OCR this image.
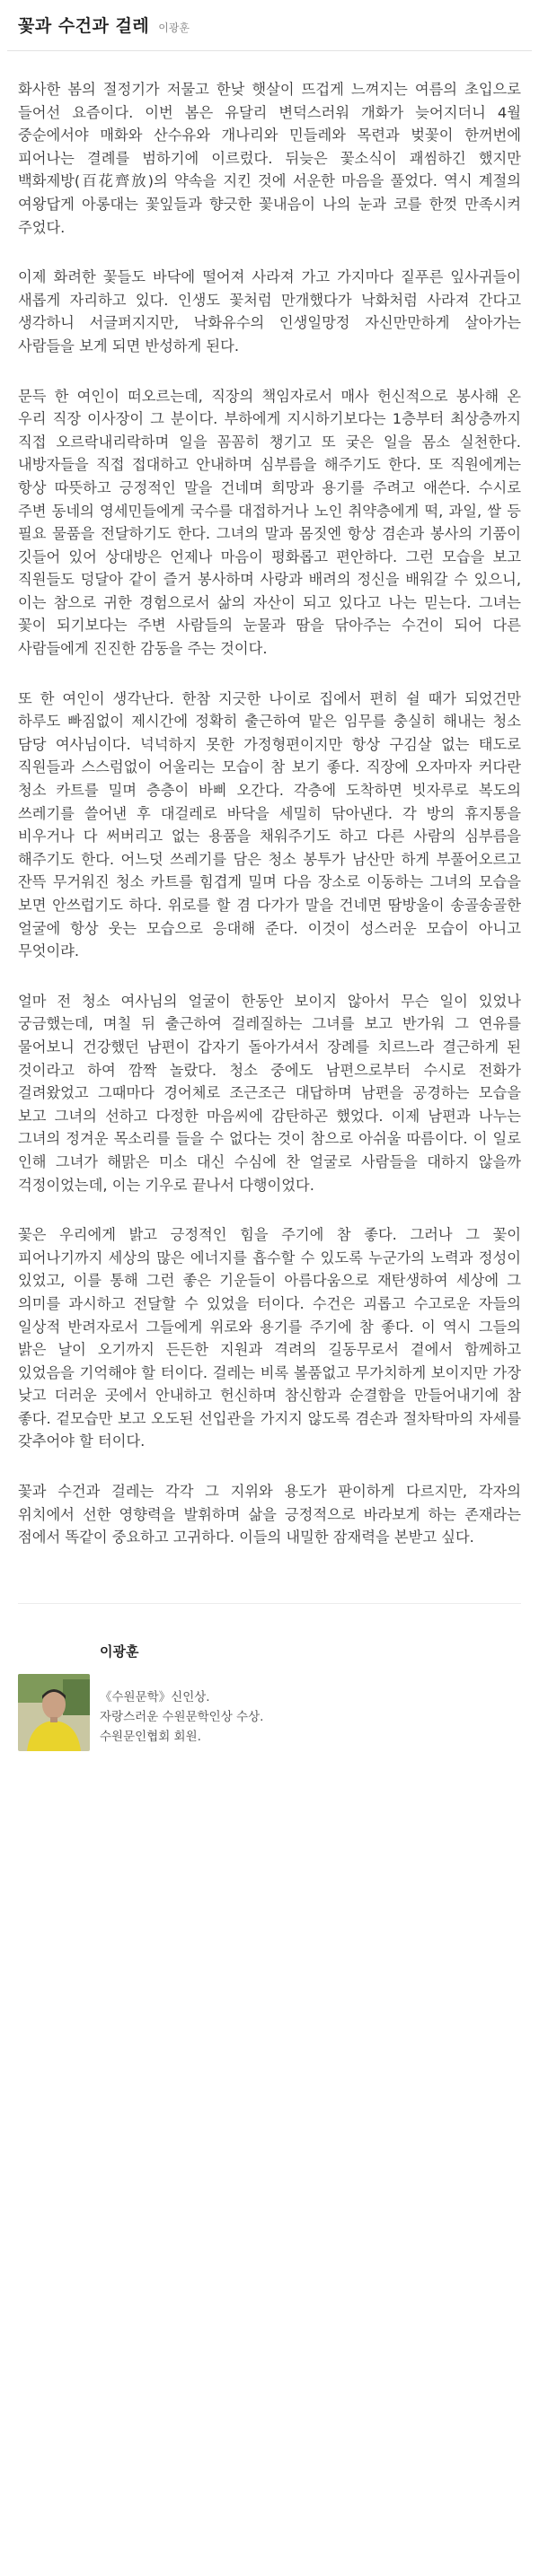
꽃과 수건과 걸레 이광훈

화사한 봄의 절정기가 저물고 한낮 햇살이 뜨겁게 느껴지는 여름의 초입으로 들어선 요즘이다. 이번 봄은 유달리 변덕스러워 개화가 늦어지더니 4월 중순에서야 매화와 산수유와 개나리와 민들레와 목련과 벚꽃이 한꺼번에 피어나는 결례를 범하기에 이르렀다. 뒤늦은 꽃소식이 괘씸하긴 했지만 백화제방(百花齊放)의 약속을 지킨 것에 서운한 마음을 풀었다. 역시 계절의 여왕답게 아롱대는 꽃잎들과 향긋한 꽃내음이 나의 눈과 코를 한껏 만족시켜 주었다.

이제 화려한 꽃들도 바닥에 떨어져 사라져 가고 가지마다 짙푸른 잎사귀들이 새롭게 자리하고 있다. 인생도 꽃처럼 만개했다가 낙화처럼 사라져 간다고 생각하니 서글퍼지지만, 낙화유수의 인생일망정 자신만만하게 살아가는 사람들을 보게 되면 반성하게 된다.

문득 한 여인이 떠오르는데, 직장의 책임자로서 매사 헌신적으로 봉사해 온 우리 직장 이사장이 그 분이다. 부하에게 지시하기보다는 1층부터 최상층까지 직접 오르락내리락하며 일을 꼼꼼히 챙기고 또 궂은 일을 몸소 실천한다. 내방자들을 직접 접대하고 안내하며 심부름을 해주기도 한다. 또 직원에게는 항상 따뜻하고 긍정적인 말을 건네며 희망과 용기를 주려고 애쓴다. 수시로 주변 동네의 영세민들에게 국수를 대접하거나 노인 취약층에게 떡, 과일, 쌀 등 필요 물품을 전달하기도 한다. 그녀의 말과 몸짓엔 항상 겸손과 봉사의 기품이 깃들어 있어 상대방은 언제나 마음이 평화롭고 편안하다. 그런 모습을 보고 직원들도 덩달아 같이 즐거 봉사하며 사랑과 배려의 정신을 배워갈 수 있으니, 이는 참으로 귀한 경험으로서 삶의 자산이 되고 있다고 나는 믿는다. 그녀는 꽃이 되기보다는 주변 사람들의 눈물과 땀을 닦아주는 수건이 되어 다른 사람들에게 진진한 감동을 주는 것이다.

또 한 여인이 생각난다. 한참 지긋한 나이로 집에서 편히 쉴 때가 되었건만 하루도 빠짐없이 제시간에 정확히 출근하여 맡은 임무를 충실히 해내는 청소 담당 여사님이다. 넉넉하지 못한 가정형편이지만 항상 구김살 없는 태도로 직원들과 스스럼없이 어울리는 모습이 참 보기 좋다. 직장에 오자마자 커다란 청소 카트를 밀며 층층이 바삐 오간다. 각층에 도착하면 빗자루로 복도의 쓰레기를 쓸어낸 후 대걸레로 바닥을 세밀히 닦아낸다. 각 방의 휴지통을 비우거나 다 써버리고 없는 용품을 채워주기도 하고 다른 사람의 심부름을 해주기도 한다. 어느덧 쓰레기를 담은 청소 봉투가 남산만 하게 부풀어오르고 잔뜩 무거워진 청소 카트를 힘겹게 밀며 다음 장소로 이동하는 그녀의 모습을 보면 안쓰럽기도 하다. 위로를 할 겸 다가가 말을 건네면 땀방울이 송골송골한 얼굴에 항상 웃는 모습으로 응대해 준다. 이것이 성스러운 모습이 아니고 무엇이랴.

얼마 전 청소 여사님의 얼굴이 한동안 보이지 않아서 무슨 일이 있었나 궁금했는데, 며칠 뒤 출근하여 걸레질하는 그녀를 보고 반가워 그 연유를 물어보니 건강했던 남편이 갑자기 돌아가셔서 장례를 치르느라 결근하게 된 것이라고 하여 깜짝 놀랐다. 청소 중에도 남편으로부터 수시로 전화가 걸려왔었고 그때마다 경어체로 조근조근 대답하며 남편을 공경하는 모습을 보고 그녀의 선하고 다정한 마음씨에 감탄하곤 했었다. 이제 남편과 나누는 그녀의 정겨운 목소리를 들을 수 없다는 것이 참으로 아쉬울 따름이다. 이 일로 인해 그녀가 해맑은 미소 대신 수심에 찬 얼굴로 사람들을 대하지 않을까 걱정이었는데, 이는 기우로 끝나서 다행이었다.

꽃은 우리에게 밝고 긍정적인 힘을 주기에 참 좋다. 그러나 그 꽃이 피어나기까지 세상의 많은 에너지를 흡수할 수 있도록 누군가의 노력과 정성이 있었고, 이를 통해 그런 좋은 기운들이 아름다움으로 재탄생하여 세상에 그 의미를 과시하고 전달할 수 있었을 터이다. 수건은 괴롭고 수고로운 자들의 일상적 반려자로서 그들에게 위로와 용기를 주기에 참 좋다. 이 역시 그들의 밝은 날이 오기까지 든든한 지원과 격려의 길동무로서 곁에서 함께하고 있었음을 기억해야 할 터이다. 걸레는 비록 볼품없고 무가치하게 보이지만 가장 낮고 더러운 곳에서 안내하고 헌신하며 참신함과 순결함을 만들어내기에 참 좋다. 겉모습만 보고 오도된 선입관을 가지지 않도록 겸손과 절차탁마의 자세를 갖추어야 할 터이다.

꽃과 수건과 걸레는 각각 그 지위와 용도가 판이하게 다르지만, 각자의 위치에서 선한 영향력을 발휘하며 삶을 긍정적으로 바라보게 하는 존재라는 점에서 똑같이 중요하고 고귀하다. 이들의 내밀한 잠재력을 본받고 싶다.

이광훈
《수원문학》신인상.
자랑스러운 수원문학인상 수상.
수원문인협회 회원.
